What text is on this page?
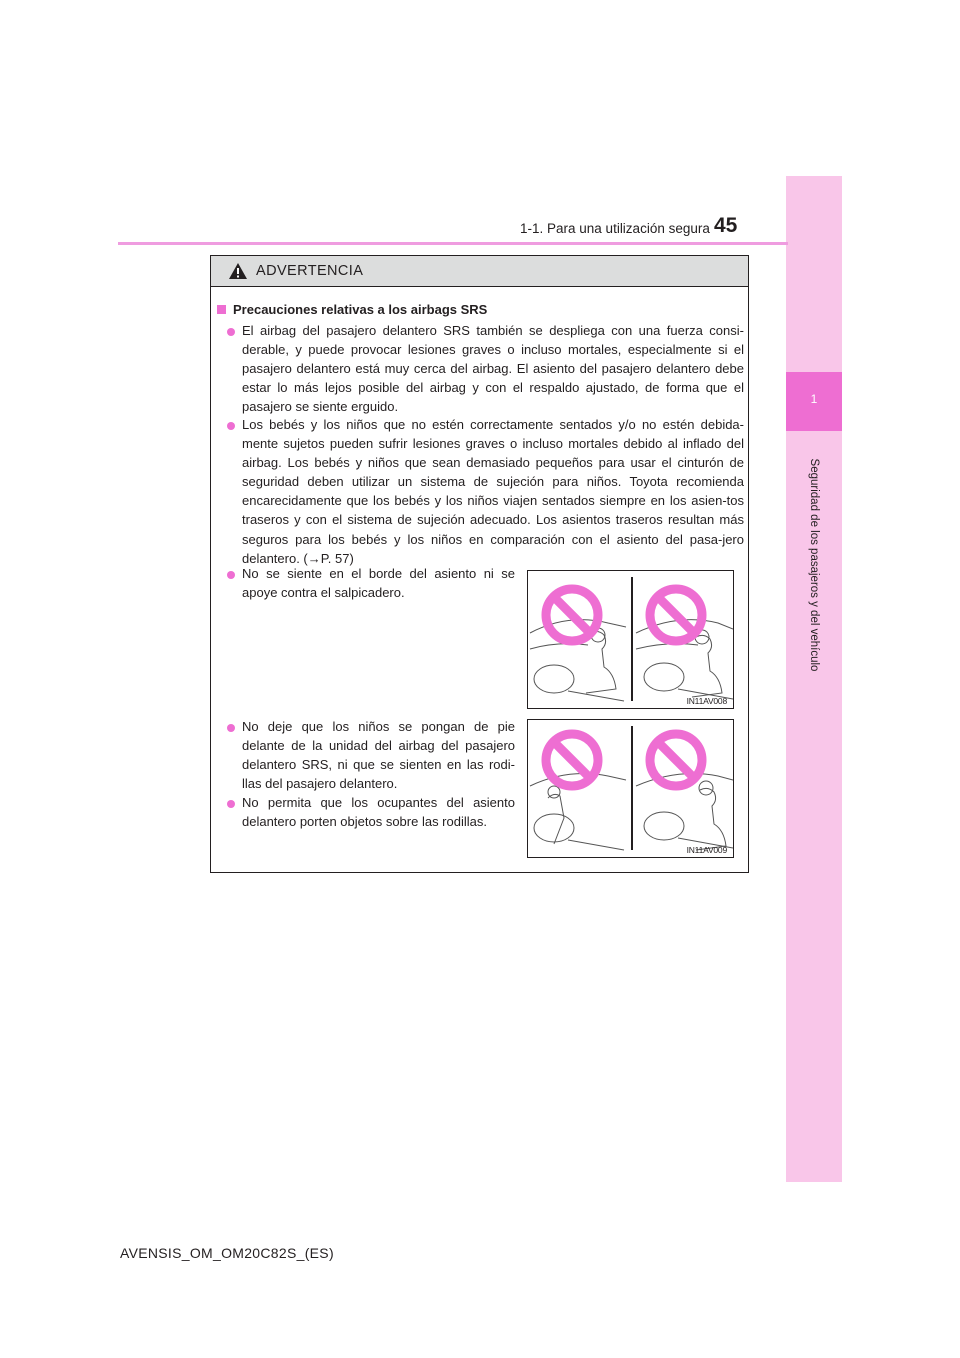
1
Seguridad de los pasajeros y del vehículo
1-1. Para una utilización segura 45
ADVERTENCIA
Precauciones relativas a los airbags SRS
El airbag del pasajero delantero SRS también se despliega con una fuerza consi-derable, y puede provocar lesiones graves o incluso mortales, especialmente si el pasajero delantero está muy cerca del airbag. El asiento del pasajero delantero debe estar lo más lejos posible del airbag y con el respaldo ajustado, de forma que el pasajero se siente erguido.
Los bebés y los niños que no estén correctamente sentados y/o no estén debida-mente sujetos pueden sufrir lesiones graves o incluso mortales debido al inflado del airbag. Los bebés y niños que sean demasiado pequeños para usar el cinturón de seguridad deben utilizar un sistema de sujeción para niños. Toyota recomienda encarecidamente que los bebés y los niños viajen sentados siempre en los asien-tos traseros y con el sistema de sujeción adecuado. Los asientos traseros resultan más seguros para los bebés y los niños en comparación con el asiento del pasa-jero delantero. (→P. 57)
No se siente en el borde del asiento ni se apoye contra el salpicadero.
No deje que los niños se pongan de pie delante de la unidad del airbag del pasajero delantero SRS, ni que se sienten en las rodi-llas del pasajero delantero.
No permita que los ocupantes del asiento delantero porten objetos sobre las rodillas.
IN11AV008
IN11AV009
AVENSIS_OM_OM20C82S_(ES)
